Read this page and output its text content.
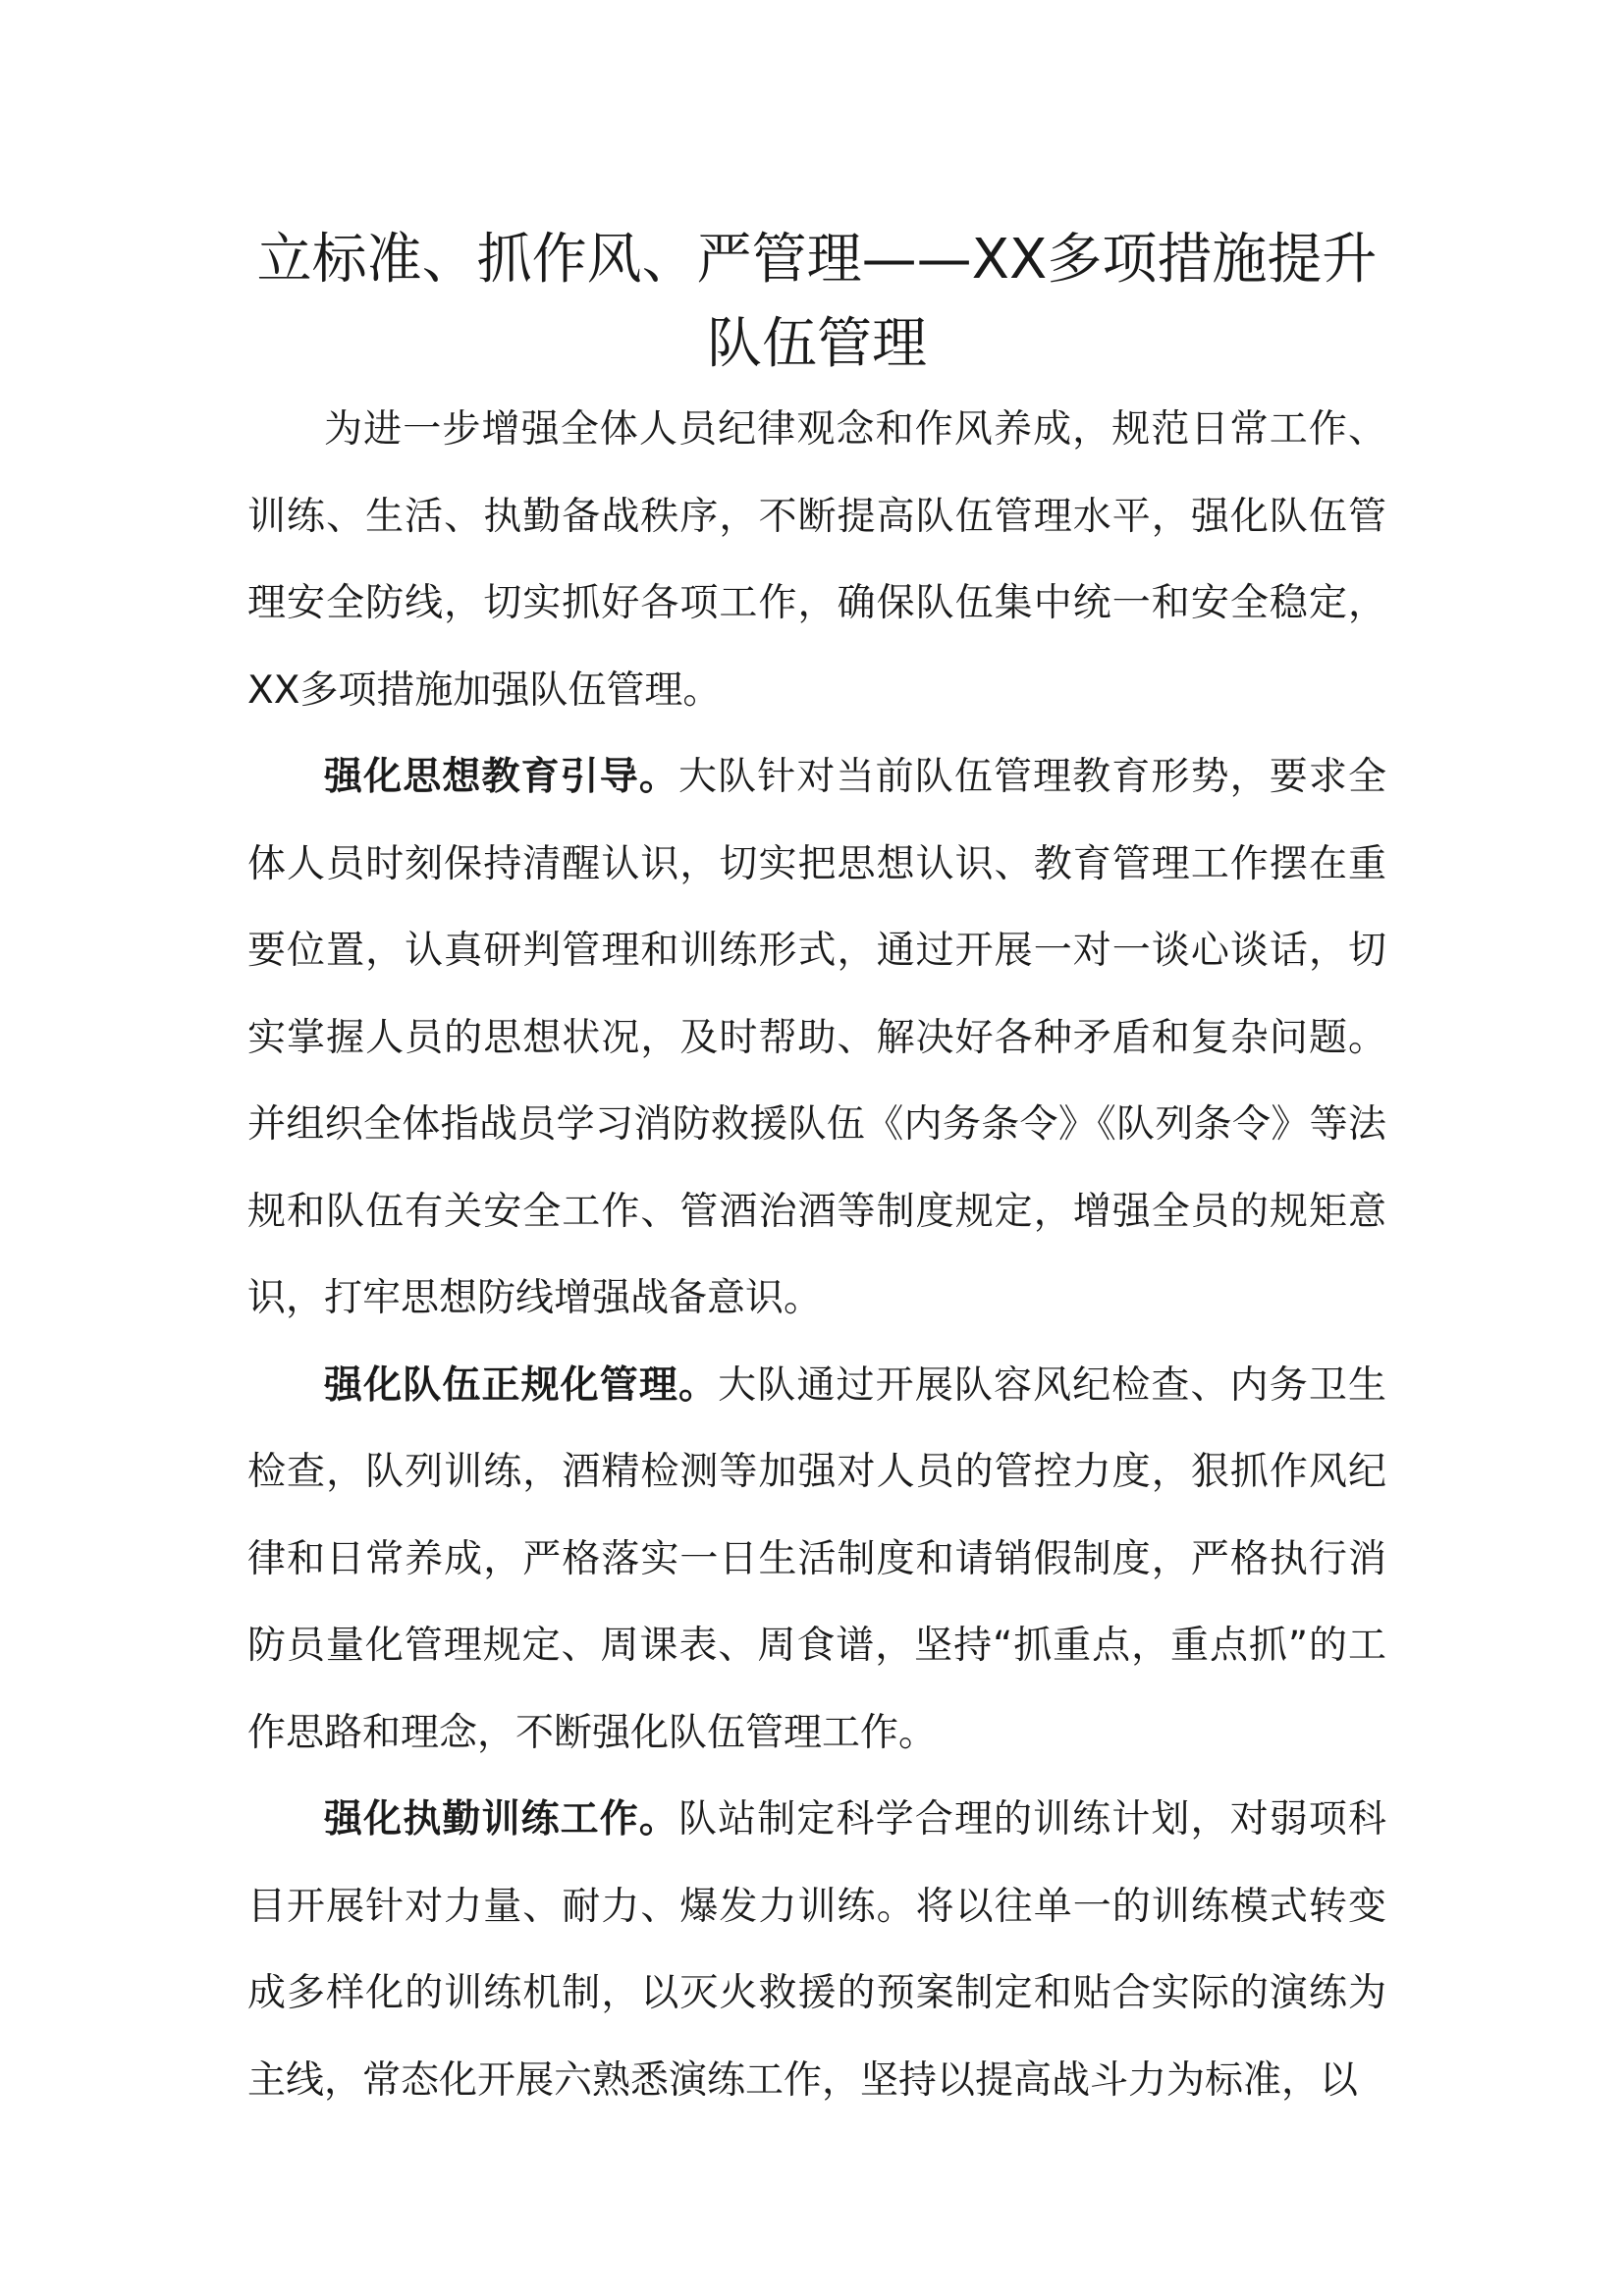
立标准、抓作风、严管理——XX多项措施提升队伍管理

为进一步增强全体人员纪律观念和作风养成，规范日常工作、训练、生活、执勤备战秩序，不断提高队伍管理水平，强化队伍管理安全防线，切实抓好各项工作，确保队伍集中统一和安全稳定，XX多项措施加强队伍管理。

强化思想教育引导。大队针对当前队伍管理教育形势，要求全体人员时刻保持清醒认识，切实把思想认识、教育管理工作摆在重要位置，认真研判管理和训练形式，通过开展一对一谈心谈话，切实掌握人员的思想状况，及时帮助、解决好各种矛盾和复杂问题。并组织全体指战员学习消防救援队伍《内务条令》《队列条令》等法规和队伍有关安全工作、管酒治酒等制度规定，增强全员的规矩意识，打牢思想防线增强战备意识。

强化队伍正规化管理。大队通过开展队容风纪检查、内务卫生检查，队列训练，酒精检测等加强对人员的管控力度，狠抓作风纪律和日常养成，严格落实一日生活制度和请销假制度，严格执行消防员量化管理规定、周课表、周食谱，坚持“抓重点，重点抓”的工作思路和理念，不断强化队伍管理工作。

强化执勤训练工作。队站制定科学合理的训练计划，对弱项科目开展针对力量、耐力、爆发力训练。将以往单一的训练模式转变成多样化的训练机制，以灭火救援的预案制定和贴合实际的演练为主线，常态化开展六熟悉演练工作，坚持以提高战斗力为标准，以
